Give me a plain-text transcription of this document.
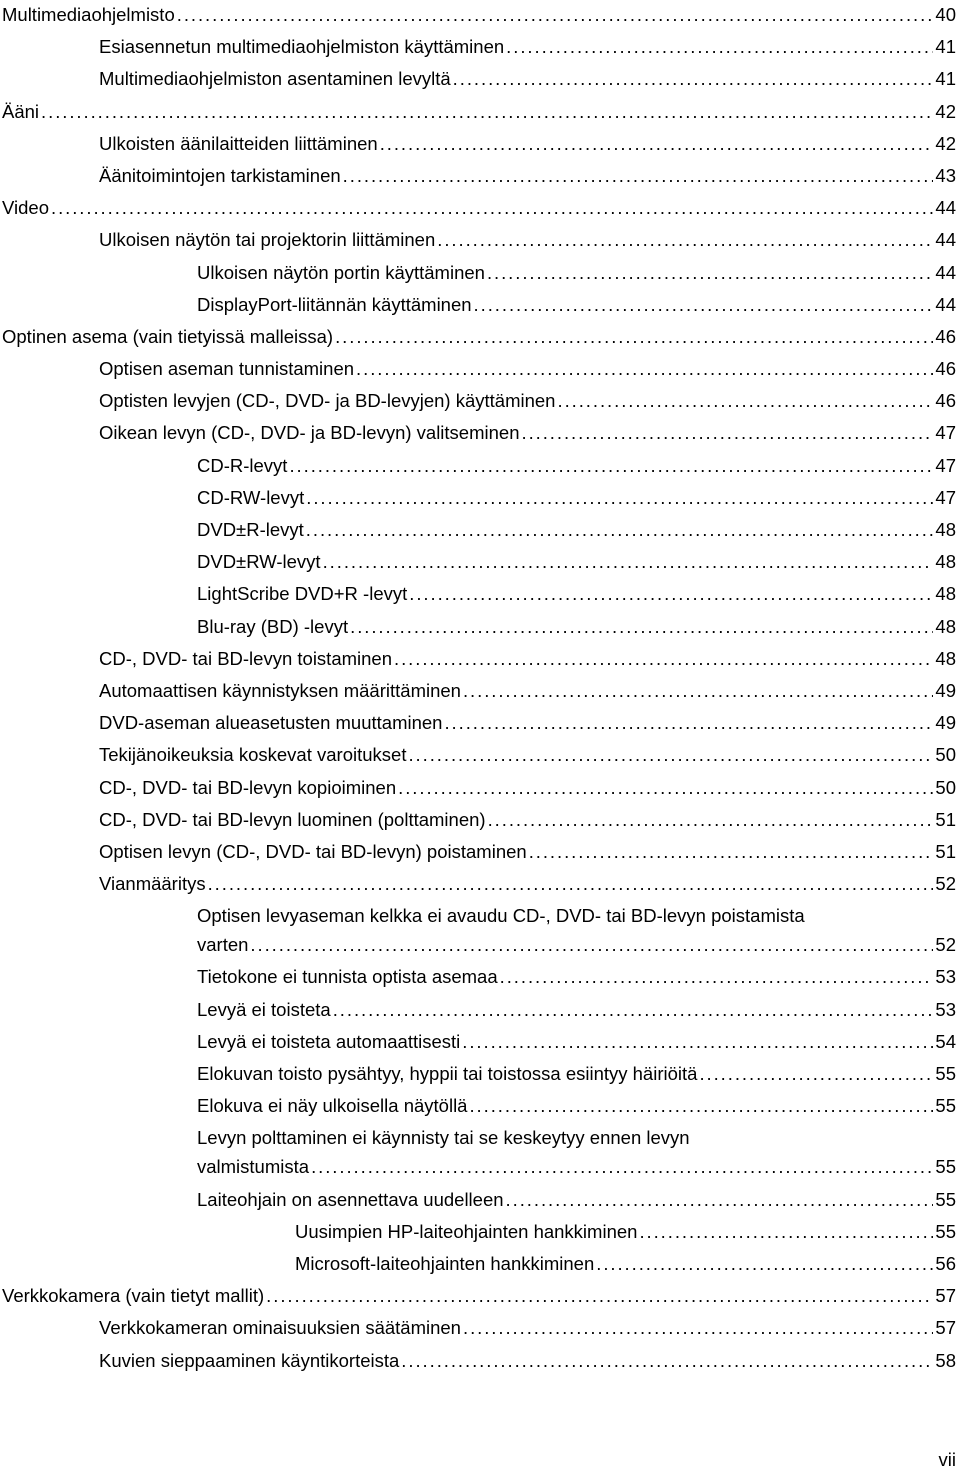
Multimediaohjelmisto . . .	40
Esiasennetun multimediaohjelmiston käyttäminen . . .	41
Multimediaohjelmiston asentaminen levyltä . . .	41
Ääni . . .	42
Ulkoisten äänilaitteiden liittäminen . . .	42
Äänitoimintojen tarkistaminen . . .	43
Video . . .	44
Ulkoisen näytön tai projektorin liittäminen . . .	44
Ulkoisen näytön portin käyttäminen . . .	44
DisplayPort-liitännän käyttäminen . . .	44
Optinen asema (vain tietyissä malleissa) . . .	46
Optisen aseman tunnistaminen . . .	46
Optisten levyjen (CD-, DVD- ja BD-levyjen) käyttäminen . . .	46
Oikean levyn (CD-, DVD- ja BD-levyn) valitseminen . . .	47
CD-R-levyt . . .	47
CD-RW-levyt . . .	47
DVD±R-levyt . . .	48
DVD±RW-levyt . . .	48
LightScribe DVD+R -levyt . . .	48
Blu-ray (BD) -levyt . . .	48
CD-, DVD- tai BD-levyn toistaminen . . .	48
Automaattisen käynnistyksen määrittäminen . . .	49
DVD-aseman alueasetusten muuttaminen . . .	49
Tekijänoikeuksia koskevat varoitukset . . .	50
CD-, DVD- tai BD-levyn kopioiminen . . .	50
CD-, DVD- tai BD-levyn luominen (polttaminen) . . .	51
Optisen levyn (CD-, DVD- tai BD-levyn) poistaminen . . .	51
Vianmääritys . . .	52
Optisen levyaseman kelkka ei avaudu CD-, DVD- tai BD-levyn poistamista
varten . . .	52
Tietokone ei tunnista optista asemaa . . .	53
Levyä ei toisteta . . .	53
Levyä ei toisteta automaattisesti . . .	54
Elokuvan toisto pysähtyy, hyppii tai toistossa esiintyy häiriöitä . . .	55
Elokuva ei näy ulkoisella näytöllä . . .	55
Levyn polttaminen ei käynnisty tai se keskeytyy ennen levyn
valmistumista . . .	55
Laiteohjain on asennettava uudelleen . . .	55
Uusimpien HP-laiteohjainten hankkiminen . . .	55
Microsoft-laiteohjainten hankkiminen . . .	56
Verkkokamera (vain tietyt mallit) . . .	57
Verkkokameran ominaisuuksien säätäminen . . .	57
Kuvien sieppaaminen käyntikorteista . . .	58
vii
